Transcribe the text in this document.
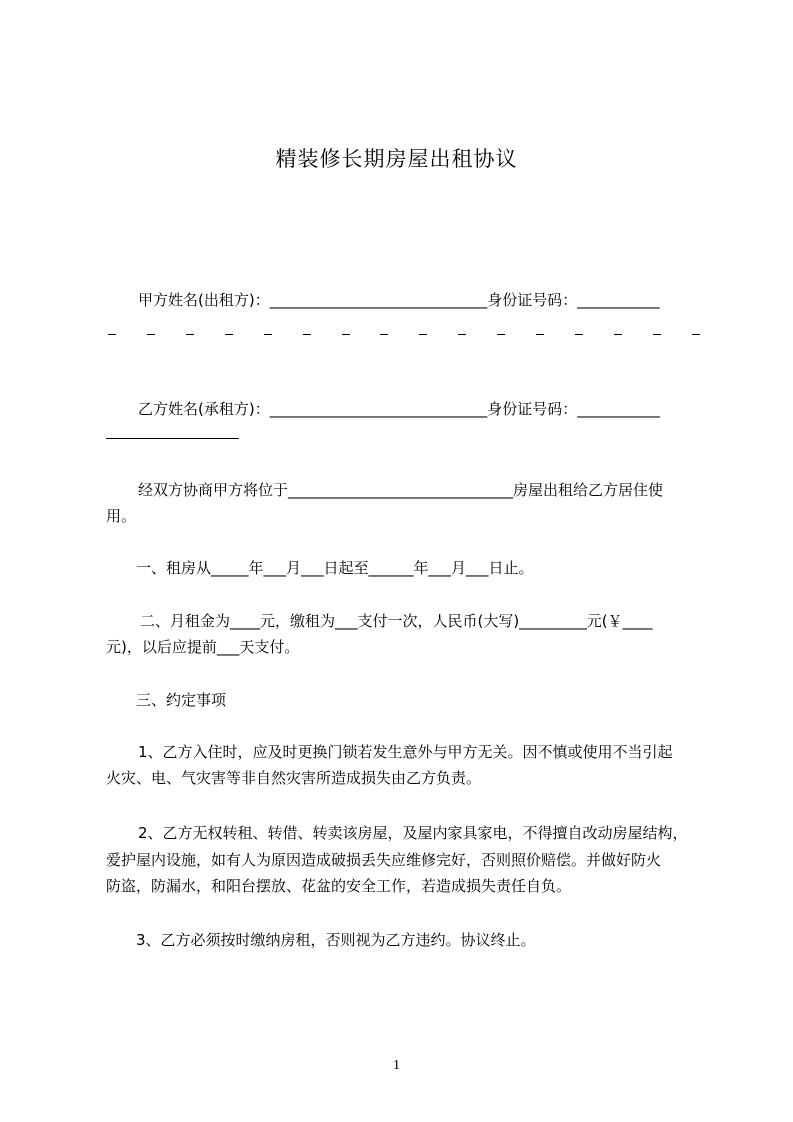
精装修长期房屋出租协议

甲方姓名(出租方)：_____________________________身份证号码：___________

乙方姓名(承租方)：_____________________________身份证号码：___________

经双方协商甲方将位于______________________________房屋出租给乙方居住使

用。

一、租房从_____年___月___日起至______年___月___日止。

二、月租金为____元，缴租为___支付一次，人民币(大写)_________元(￥____

元)，以后应提前___天支付。

三、约定事项

1、乙方入住时，应及时更换门锁若发生意外与甲方无关。因不慎或使用不当引起

火灾、电、气灾害等非自然灾害所造成损失由乙方负责。

2、乙方无权转租、转借、转卖该房屋，及屋内家具家电，不得擅自改动房屋结构，

爱护屋内设施，如有人为原因造成破损丢失应维修完好，否则照价赔偿。并做好防火

防盗，防漏水，和阳台摆放、花盆的安全工作，若造成损失责任自负。

3、乙方必须按时缴纳房租，否则视为乙方违约。协议终止。

1
